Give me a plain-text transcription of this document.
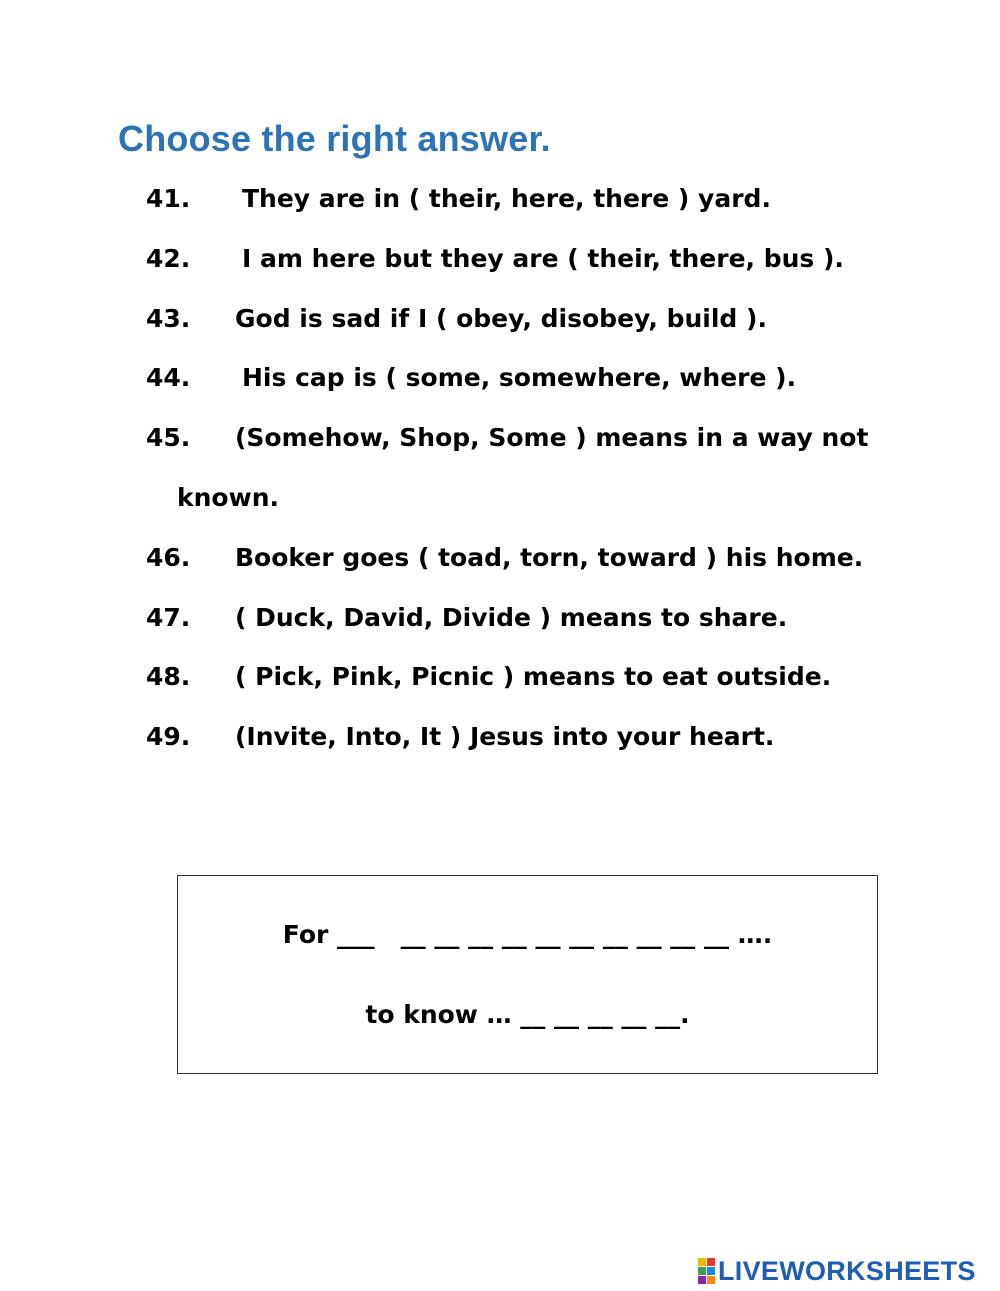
Choose the right answer.
41. They are in ( their, here, there ) yard.
42. I am here but they are ( their, there, bus ).
43. God is sad if I ( obey, disobey, build ).
44. His cap is ( some, somewhere, where ).
45. (Somehow, Shop, Some ) means in a way not
known.
46. Booker goes ( toad, torn, toward ) his home.
47. ( Duck, David, Divide ) means to share.
48. ( Pick, Pink, Picnic ) means to eat outside.
49. (Invite, Into, It ) Jesus into your heart.
For ___   __ __ __ __ __ __ __ __ __ __ ….
to know … __ __ __ __ __.
LIVEWORKSHEETS
